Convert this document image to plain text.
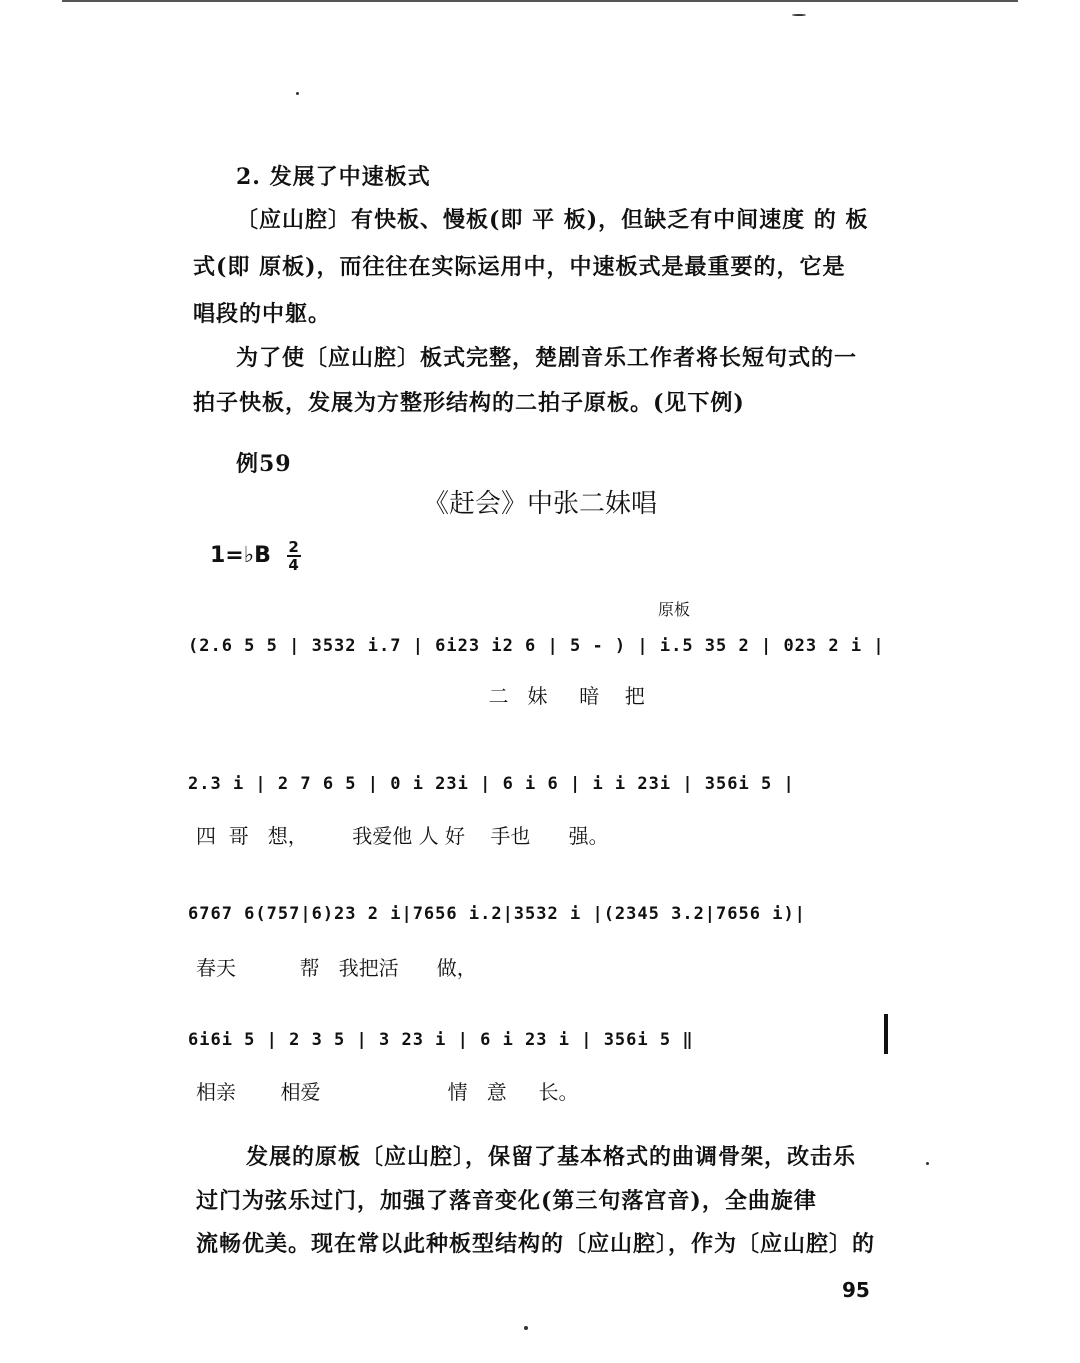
2. 发展了中速板式
〔应山腔〕有快板、慢板(即 平 板)，但缺乏有中间速度 的 板
式(即 原板)，而往往在实际运用中，中速板式是最重要的，它是
唱段的中躯。
为了使〔应山腔〕板式完整，楚剧音乐工作者将长短句式的一
拍子快板，发展为方整形结构的二拍子原板。(见下例)
例59
《赶会》中张二妹唱
1=♭B $\frac{2}{4}$
原板
(2.6 5 5 | 3532 i.7 | 6i23 i2 6 | 5 - ) | i.5 35 2 | 023 2 i |
二   妹     暗    把
2.3 i | 2 7 6 5 | 0 i 23i | 6 i 6 | i i 23i | 356i 5 |
四  哥   想，       我爱他 人 好    手也      强。
6767 6(757|6)23 2 i|7656 i.2|3532 i |(2345 3.2|7656 i)|
春天          帮   我把活      做，
6i6i 5 | 2 3 5 | 3 23 i | 6 i 23 i | 356i 5 ‖
相亲       相爱                    情   意     长。
发展的原板〔应山腔〕，保留了基本格式的曲调骨架，改击乐
过门为弦乐过门，加强了落音变化(第三句落宫音)，全曲旋律
流畅优美。现在常以此种板型结构的〔应山腔〕，作为〔应山腔〕的
95
